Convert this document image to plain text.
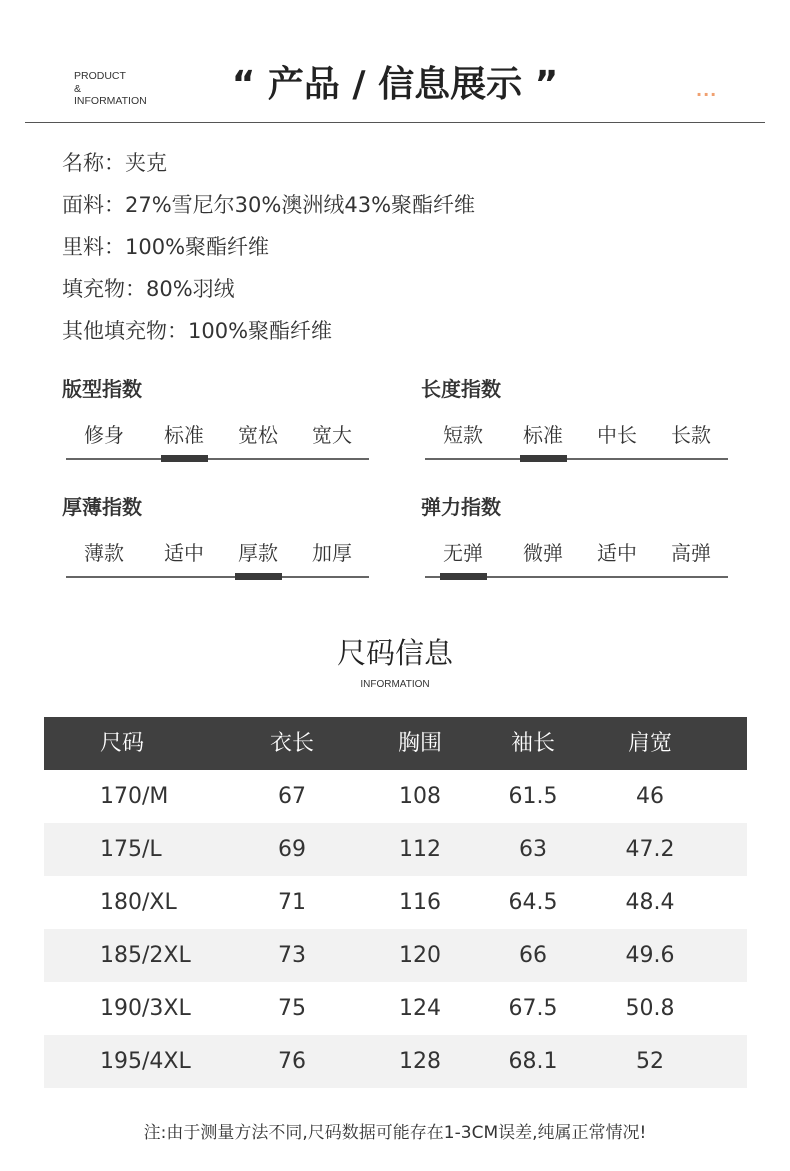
PRODUCT
&
INFORMATION	“ 产品 / 信息展示 ”	...
名称：夹克
面料：27%雪尼尔30%澳洲绒43%聚酯纤维
里料：100%聚酯纤维
填充物：80%羽绒
其他填充物：100%聚酯纤维
版型指数
修身	标准	宽松	宽大
长度指数
短款	标准	中长	长款
厚薄指数
薄款	适中	厚款	加厚
弹力指数
无弹	微弹	适中	高弹
尺码信息
INFORMATION
尺码	衣长	胸围	袖长	肩宽
170/M	67	108	61.5	46
175/L	69	112	63	47.2
180/XL	71	116	64.5	48.4
185/2XL	73	120	66	49.6
190/3XL	75	124	67.5	50.8
195/4XL	76	128	68.1	52
注:由于测量方法不同,尺码数据可能存在1-3CM误差,纯属正常情况!
